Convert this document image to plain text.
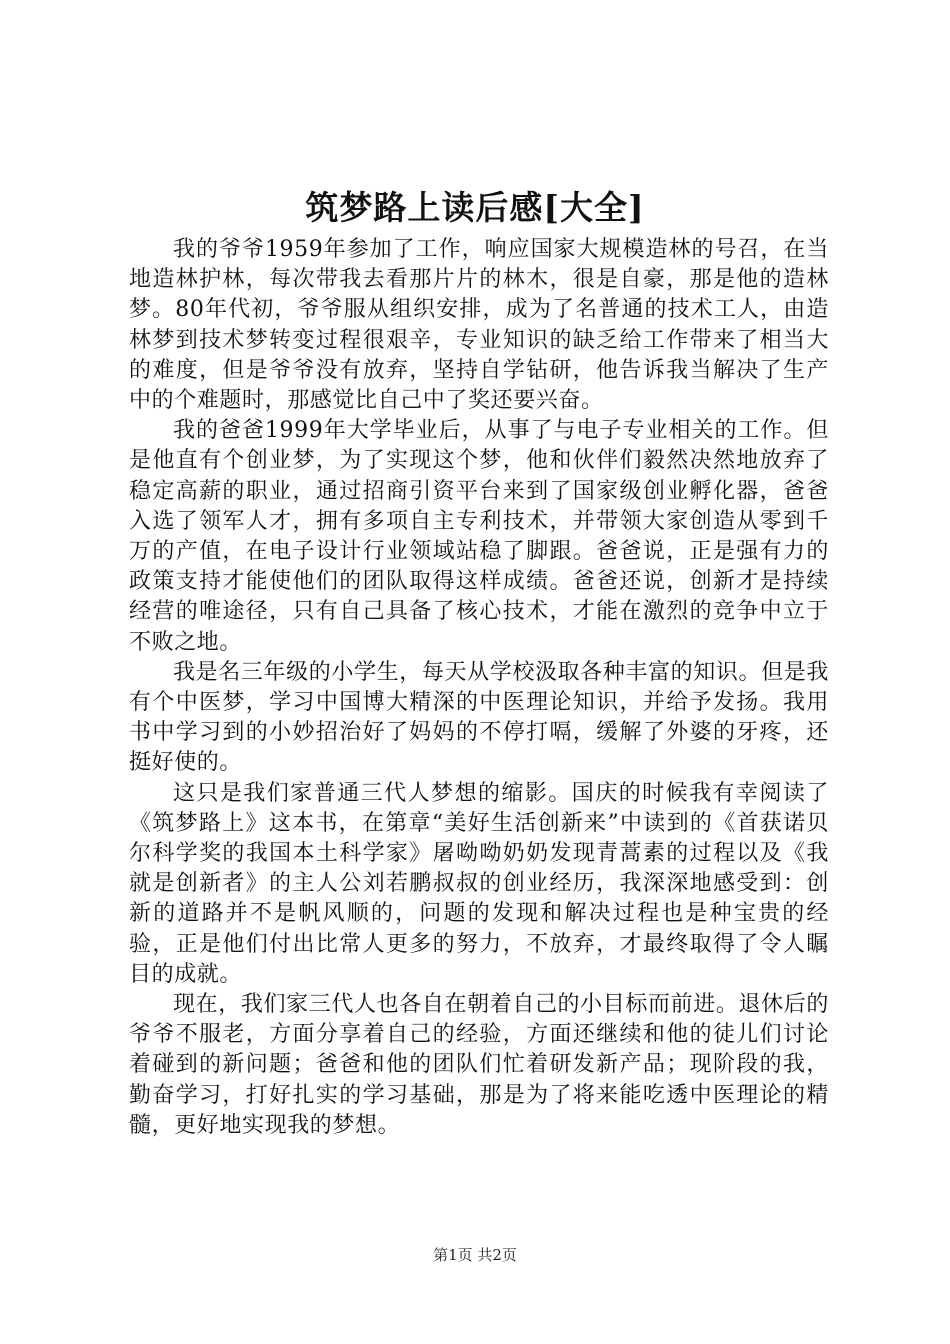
筑梦路上读后感[大全]

我的爷爷1959年参加了工作，响应国家大规模造林的号召，在当地造林护林，每次带我去看那片片的林木，很是自豪，那是他的造林梦。80年代初，爷爷服从组织安排，成为了名普通的技术工人，由造林梦到技术梦转变过程很艰辛，专业知识的缺乏给工作带来了相当大的难度，但是爷爷没有放弃，坚持自学钻研，他告诉我当解决了生产中的个难题时，那感觉比自己中了奖还要兴奋。

我的爸爸1999年大学毕业后，从事了与电子专业相关的工作。但是他直有个创业梦，为了实现这个梦，他和伙伴们毅然决然地放弃了稳定高薪的职业，通过招商引资平台来到了国家级创业孵化器，爸爸入选了领军人才，拥有多项自主专利技术，并带领大家创造从零到千万的产值，在电子设计行业领域站稳了脚跟。爸爸说，正是强有力的政策支持才能使他们的团队取得这样成绩。爸爸还说，创新才是持续经营的唯途径，只有自己具备了核心技术，才能在激烈的竞争中立于不败之地。

我是名三年级的小学生，每天从学校汲取各种丰富的知识。但是我有个中医梦，学习中国博大精深的中医理论知识，并给予发扬。我用书中学习到的小妙招治好了妈妈的不停打嗝，缓解了外婆的牙疼，还挺好使的。

这只是我们家普通三代人梦想的缩影。国庆的时候我有幸阅读了《筑梦路上》这本书，在第章“美好生活创新来”中读到的《首获诺贝尔科学奖的我国本土科学家》屠呦呦奶奶发现青蒿素的过程以及《我就是创新者》的主人公刘若鹏叔叔的创业经历，我深深地感受到：创新的道路并不是帆风顺的，问题的发现和解决过程也是种宝贵的经验，正是他们付出比常人更多的努力，不放弃，才最终取得了令人瞩目的成就。

现在，我们家三代人也各自在朝着自己的小目标而前进。退休后的爷爷不服老，方面分享着自己的经验，方面还继续和他的徒儿们讨论着碰到的新问题；爸爸和他的团队们忙着研发新产品；现阶段的我，勤奋学习，打好扎实的学习基础，那是为了将来能吃透中医理论的精髓，更好地实现我的梦想。

第1页 共2页
